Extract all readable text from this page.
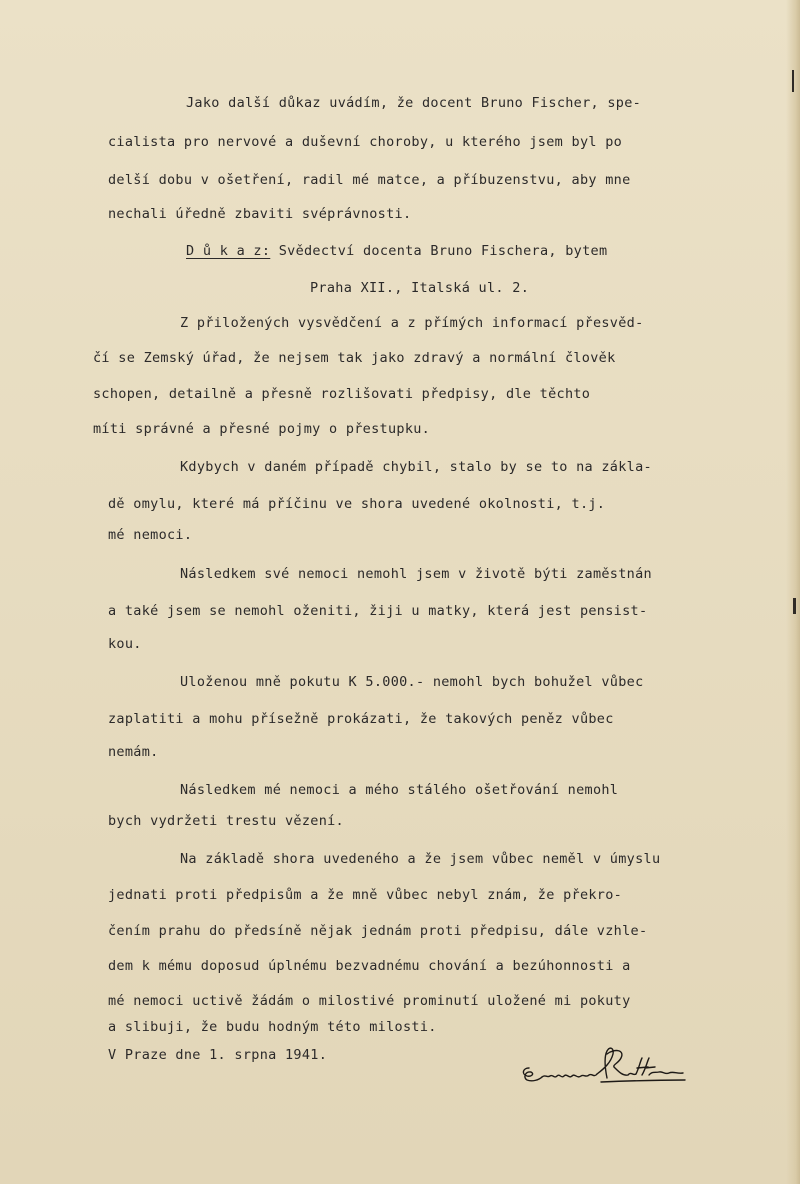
Jako další důkaz uvádím, že docent Bruno Fischer, spe-

cialista pro nervové a duševní choroby, u kterého jsem byl po

delší dobu v ošetření, radil mé matce, a příbuzenstvu, aby mne

nechali úředně zbaviti svéprávnosti.

D ů k a z: Svědectví docenta Bruno Fischera, bytem

Praha XII., Italská ul. 2.

Z přiložených vysvědčení a z přímých informací přesvěd-

čí se Zemský úřad, že nejsem tak jako zdravý a normální člověk

schopen, detailně a přesně rozlišovati předpisy, dle těchto

míti správné a přesné pojmy o přestupku.

Kdybych v daném případě chybil, stalo by se to na zákla-

dě omylu, které má příčinu ve shora uvedené okolnosti, t.j.

mé nemoci.

Následkem své nemoci nemohl jsem v životě býti zaměstnán

a také jsem se nemohl oženiti, žiji u matky, která jest pensist-

kou.

Uloženou mně pokutu K 5.000.- nemohl bych bohužel vůbec

zaplatiti a mohu přísežně prokázati, že takových peněz vůbec

nemám.

Následkem mé nemoci a mého stálého ošetřování nemohl

bych vydržeti trestu vězení.

Na základě shora uvedeného a že jsem vůbec neměl v úmyslu

jednati proti předpisům a že mně vůbec nebyl znám, že překro-

čením prahu do předsíně nějak jednám proti předpisu, dále vzhle-

dem k mému doposud úplnému bezvadnému chování a bezúhonnosti a

mé nemoci uctivě žádám o milostivé prominutí uložené mi pokuty

a slibuji, že budu hodným této milosti.

V Praze dne 1. srpna 1941.
